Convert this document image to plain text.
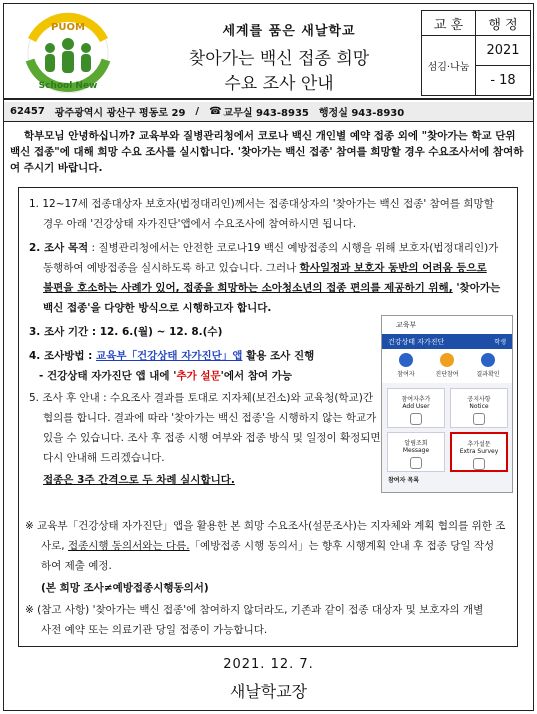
PUOM
School New
세계를 품은 새날학교
찾아가는 백신 접종 희망
수요 조사 안내
교 훈	행 정
섬김·나눔
2021
- 18
62457 광주광역시 광산구 평동로 29 / ☎ 교무실 943-8935 행정실 943-8930
학부모님 안녕하십니까? 교육부와 질병관리청에서 코로나 백신 개인별 예약 접종 외에 "찾아가는 학교 단위 백신 접종"에 대해 희망 수요 조사를 실시합니다. '찾아가는 백신 접종' 참여를 희망할 경우 수요조사서에 참여하여 주시기 바랍니다.
1. 12~17세 접종대상자 보호자(법정대리인)께서는 접종대상자의 '찾아가는 백신 접종' 참여를 희망할
경우 아래 '건강상태 자가진단'앱에서 수요조사에 참여하시면 됩니다.
2. 조사 목적 : 질병관리청에서는 안전한 코로나19 백신 예방접종의 시행을 위해 보호자(법정대리인)가
동행하여 예방접종을 실시하도록 하고 있습니다. 그러나 학사일정과 보호자 동반의 어려움 등으로
불편을 호소하는 사례가 있어, 접종을 희망하는 소아청소년의 접종 편의를 제공하기 위해, '찾아가는
백신 접종'을 다양한 방식으로 시행하고자 합니다.
3. 조사 기간 : 12. 6.(월) ~ 12. 8.(수)
4. 조사방법 : 교육부「건강상태 자가진단」앱 활용 조사 진행
- 건강상태 자가진단 앱 내에 '추가 설문'에서 참여 가능
5. 조사 후 안내 : 수요조사 결과를 토대로 지자체(보건소)와 교육청(학교)간
협의를 합니다. 결과에 따라 '찾아가는 백신 접종'을 시행하지 않는 학교가
있을 수 있습니다. 조사 후 접종 시행 여부와 접종 방식 및 일정이 확정되면
다시 안내해 드리겠습니다.
접종은 3주 간격으로 두 차례 실시합니다.
※ 교육부「건강상태 자가진단」앱을 활용한 본 희망 수요조사(설문조사)는 지자체와 계획 협의를 위한 조
사로, 접종시행 동의서와는 다름.「예방접종 시행 동의서」는 향후 시행계획 안내 후 접종 당일 작성
하여 제출 예정.
(본 희망 조사≠예방접종시행동의서)
※ (참고 사항) '찾아가는 백신 접종'에 참여하지 않더라도, 기존과 같이 접종 대상자 및 보호자의 개별
사전 예약 또는 의료기관 당일 접종이 가능합니다.
교육부
건강상태 자가진단	학생
참여자	진단참여	결과확인
참여자추가
Add User
공지사항
Notice
알림조회
Message
추가설문
Extra Survey
참여자 목록
2021. 12. 7.
새날학교장
